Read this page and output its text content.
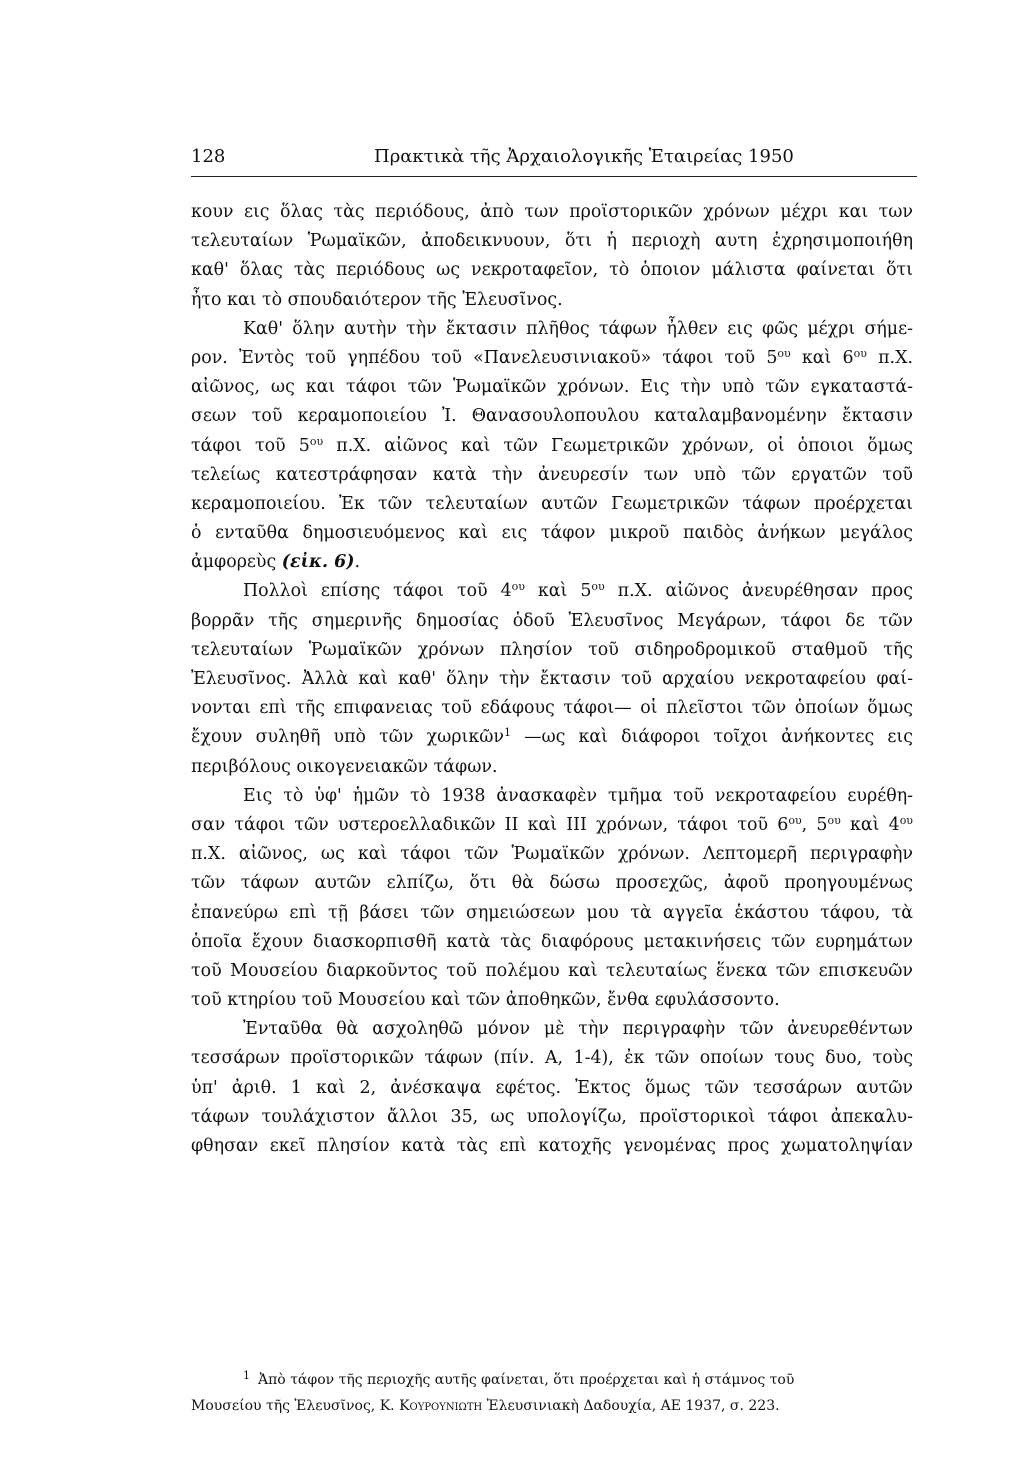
128	Πρακτικὰ τῆς Ἀρχαιολογικῆς Ἑταιρείας 1950
κουν εις ὅλας τὰς περιόδους, ἀπὸ των προϊστορικῶν χρόνων μέχρι και των
τελευταίων Ῥωμαϊκῶν, ἀποδεικνυουν, ὅτι ἡ περιοχὴ αυτη ἐχρησιμοποιήθη
καθ' ὅλας τὰς περιόδους ως νεκροταφεῖον, τὸ ὁποιον μάλιστα φαίνεται ὅτι
ἦτο και τὸ σπουδαιότερον τῆς Ἐλευσῖνος.
Καθ' ὅλην αυτὴν τὴν ἔκτασιν πλῆθος τάφων ἦλθεν εις φῶς μέχρι σήμε-
ρον. Ἐντὸς τοῦ γηπέδου τοῦ «Πανελευσινιακοῦ» τάφοι τοῦ $5^{o\upsilon}$ καὶ $6^{o\upsilon}$ π.Χ.
αἰῶνος, ως και τάφοι τῶν Ῥωμαϊκῶν χρόνων. Εις τὴν υπὸ τῶν εγκαταστά-
σεων τοῦ κεραμοποιείου Ἰ. Θανασουλοπουλου καταλαμβανομένην ἔκτασιν
τάφοι τοῦ $5^{o\upsilon}$ π.Χ. αἰῶνος καὶ τῶν Γεωμετρικῶν χρόνων, οἱ ὁποιοι ὅμως
τελείως κατεστράφησαν κατὰ τὴν ἀνευρεσίν των υπὸ τῶν εργατῶν τοῦ
κεραμοποιείου. Ἐκ τῶν τελευταίων αυτῶν Γεωμετρικῶν τάφων προέρχεται
ὁ ενταῦθα δημοσιευόμενος καὶ εις τάφον μικροῦ παιδὸς ἀνήκων μεγάλος
ἀμφορεὺς (εἰκ. 6).
Πολλοὶ επίσης τάφοι τοῦ $4^{o\upsilon}$ καὶ $5^{o\upsilon}$ π.Χ. αἰῶνος ἀνευρέθησαν προς
βορρᾶν τῆς σημερινῆς δημοσίας ὁδοῦ Ἐλευσῖνος Μεγάρων, τάφοι δε τῶν
τελευταίων Ῥωμαϊκῶν χρόνων πλησίον τοῦ σιδηροδρομικοῦ σταθμοῦ τῆς
Ἐλευσῖνος. Ἀλλὰ καὶ καθ' ὅλην τὴν ἔκτασιν τοῦ αρχαίου νεκροταφείου φαί-
νονται επὶ τῆς επιφανειας τοῦ εδάφους τάφοι— οἱ πλεῖστοι τῶν ὁποίων ὅμως
ἔχουν συληθῆ υπὸ τῶν χωρικῶν$^1$ —ως καὶ διάφοροι τοῖχοι ἀνήκοντες εις
περιβόλους οικογενειακῶν τάφων.
Εις τὸ ὑφ' ἡμῶν τὸ 1938 ἀνασκαφὲν τμῆμα τοῦ νεκροταφείου ευρέθη-
σαν τάφοι τῶν υστεροελλαδικῶν ΙΙ καὶ ΙΙΙ χρόνων, τάφοι τοῦ $6^{o\upsilon}$, $5^{o\upsilon}$ καὶ $4^{o\upsilon}$
π.Χ. αἰῶνος, ως καὶ τάφοι τῶν Ῥωμαϊκῶν χρόνων. Λεπτομερῆ περιγραφὴν
τῶν τάφων αυτῶν ελπίζω, ὅτι θὰ δώσω προσεχῶς, ἀφοῦ προηγουμένως
ἐπανεύρω επὶ τῇ βάσει τῶν σημειώσεων μου τὰ αγγεῖα ἑκάστου τάφου, τὰ
ὁποῖα ἔχουν διασκορπισθῆ κατὰ τὰς διαφόρους μετακινήσεις τῶν ευρημάτων
τοῦ Μουσείου διαρκοῦντος τοῦ πολέμου καὶ τελευταίως ἕνεκα τῶν επισκευῶν
τοῦ κτηρίου τοῦ Μουσείου καὶ τῶν ἀποθηκῶν, ἔνθα εφυλάσσοντο.
Ἐνταῦθα θὰ ασχοληθῶ μόνον μὲ τὴν περιγραφὴν τῶν ἀνευρεθέντων
τεσσάρων προϊστορικῶν τάφων (πίν. Α, 1-4), ἐκ τῶν οποίων τους δυο, τοὺς
ὑπ' ἀριθ. 1 καὶ 2, ἀνέσκαψα εφέτος. Ἐκτος ὅμως τῶν τεσσάρων αυτῶν
τάφων τουλάχιστον ἄλλοι 35, ως υπολογίζω, προϊστορικοὶ τάφοι ἀπεκαλυ-
φθησαν εκεῖ πλησίον κατὰ τὰς επὶ κατοχῆς γενομένας προς χωματοληψίαν
$^1$ Ἀπὸ τάφον τῆς περιοχῆς αυτῆς φαίνεται, ὅτι προέρχεται καὶ ἡ στάμνος τοῦ
Μουσείου τῆς Ἐλευσῖνος, Κ. Κουρουνιωτη Ἐλευσινιακὴ Δαδουχία, ΑΕ 1937, σ. 223.
